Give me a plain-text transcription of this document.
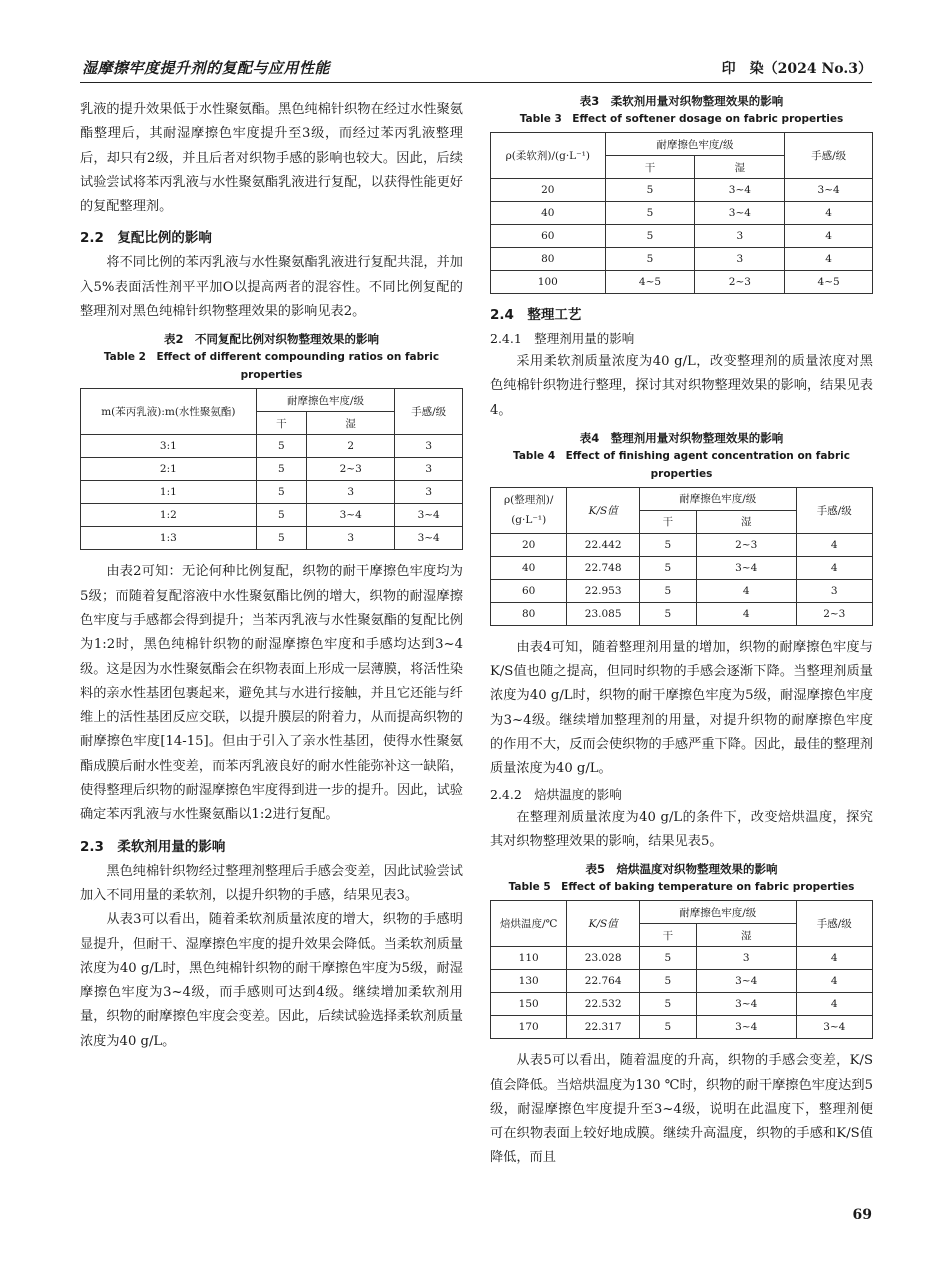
湿摩擦牢度提升剂的复配与应用性能	印　染（2024 No.3）

乳液的提升效果低于水性聚氨酯。黑色纯棉针织物在经过水性聚氨酯整理后，其耐湿摩擦色牢度提升至3级，而经过苯丙乳液整理后，却只有2级，并且后者对织物手感的影响也较大。因此，后续试验尝试将苯丙乳液与水性聚氨酯乳液进行复配，以获得性能更好的复配整理剂。

2.2　复配比例的影响

将不同比例的苯丙乳液与水性聚氨酯乳液进行复配共混，并加入5%表面活性剂平平加O以提高两者的混容性。不同比例复配的整理剂对黑色纯棉针织物整理效果的影响见表2。

表2　不同复配比例对织物整理效果的影响
Table 2　Effect of different compounding ratios on fabric properties
m(苯丙乳液):m(水性聚氨酯)	耐摩擦色牢度/级		手感/级
	干	湿	
3:1	5	2	3
2:1	5	2~3	3
1:1	5	3	3
1:2	5	3~4	3~4
1:3	5	3	3~4

由表2可知：无论何种比例复配，织物的耐干摩擦色牢度均为5级；而随着复配溶液中水性聚氨酯比例的增大，织物的耐湿摩擦色牢度与手感都会得到提升；当苯丙乳液与水性聚氨酯的复配比例为1:2时，黑色纯棉针织物的耐湿摩擦色牢度和手感均达到3~4级。这是因为水性聚氨酯会在织物表面上形成一层薄膜，将活性染料的亲水性基团包裹起来，避免其与水进行接触，并且它还能与纤维上的活性基团反应交联，以提升膜层的附着力，从而提高织物的耐摩擦色牢度[14-15]。但由于引入了亲水性基团，使得水性聚氨酯成膜后耐水性变差，而苯丙乳液良好的耐水性能弥补这一缺陷，使得整理后织物的耐湿摩擦色牢度得到进一步的提升。因此，试验确定苯丙乳液与水性聚氨酯以1:2进行复配。

2.3　柔软剂用量的影响

黑色纯棉针织物经过整理剂整理后手感会变差，因此试验尝试加入不同用量的柔软剂，以提升织物的手感，结果见表3。

从表3可以看出，随着柔软剂质量浓度的增大，织物的手感明显提升，但耐干、湿摩擦色牢度的提升效果会降低。当柔软剂质量浓度为40 g/L时，黑色纯棉针织物的耐干摩擦色牢度为5级，耐湿摩擦色牢度为3~4级，而手感则可达到4级。继续增加柔软剂用量，织物的耐摩擦色牢度会变差。因此，后续试验选择柔软剂质量浓度为40 g/L。

表3　柔软剂用量对织物整理效果的影响
Table 3　Effect of softener dosage on fabric properties
ρ(柔软剂)/(g·L⁻¹)	耐摩擦色牢度/级		手感/级
	干	湿	
20	5	3~4	3~4
40	5	3~4	4
60	5	3	4
80	5	3	4
100	4~5	2~3	4~5
2.4　整理工艺
2.4.1　整理剂用量的影响

采用柔软剂质量浓度为40 g/L，改变整理剂的质量浓度对黑色纯棉针织物进行整理，探讨其对织物整理效果的影响，结果见表4。

表4　整理剂用量对织物整理效果的影响
Table 4　Effect of finishing agent concentration on fabric properties
ρ(整理剂)/
(g·L⁻¹)	K/S值	耐摩擦色牢度/级		手感/级
		干	湿	
20	22.442	5	2~3	4
40	22.748	5	3~4	4
60	22.953	5	4	3
80	23.085	5	4	2~3

由表4可知，随着整理剂用量的增加，织物的耐摩擦色牢度与K/S值也随之提高，但同时织物的手感会逐渐下降。当整理剂质量浓度为40 g/L时，织物的耐干摩擦色牢度为5级，耐湿摩擦色牢度为3~4级。继续增加整理剂的用量，对提升织物的耐摩擦色牢度的作用不大，反而会使织物的手感严重下降。因此，最佳的整理剂质量浓度为40 g/L。

2.4.2　焙烘温度的影响

在整理剂质量浓度为40 g/L的条件下，改变焙烘温度，探究其对织物整理效果的影响，结果见表5。

表5　焙烘温度对织物整理效果的影响
Table 5　Effect of baking temperature on fabric properties
焙烘温度/℃	K/S值	耐摩擦色牢度/级		手感/级
		干	湿	
110	23.028	5	3	4
130	22.764	5	3~4	4
150	22.532	5	3~4	4
170	22.317	5	3~4	3~4

从表5可以看出，随着温度的升高，织物的手感会变差，K/S值会降低。当焙烘温度为130 ℃时，织物的耐干摩擦色牢度达到5级，耐湿摩擦色牢度提升至3~4级，说明在此温度下，整理剂便可在织物表面上较好地成膜。继续升高温度，织物的手感和K/S值降低，而且

69
